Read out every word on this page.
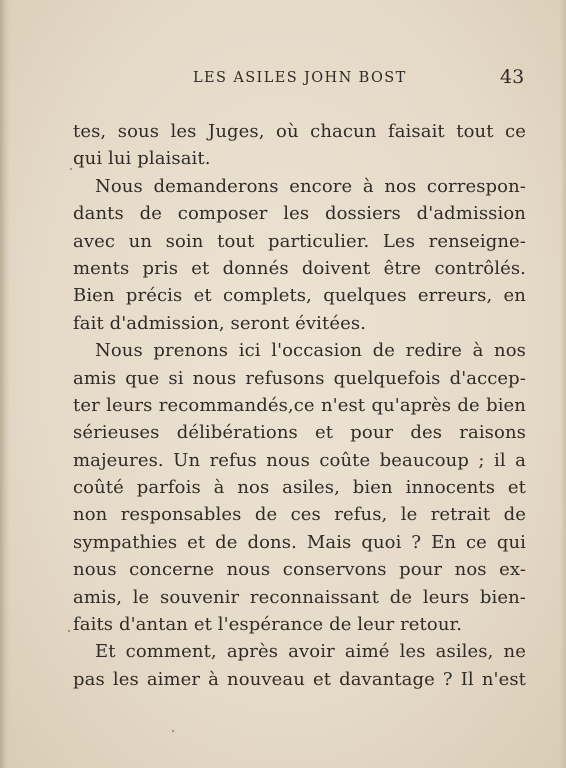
LES ASILES JOHN BOST	43
tes, sous les Juges, où chacun faisait tout ce
qui lui plaisait.
Nous demanderons encore à nos correspon-
dants de composer les dossiers d'admission
avec un soin tout particulier. Les renseigne-
ments pris et donnés doivent être contrôlés.
Bien précis et complets, quelques erreurs, en
fait d'admission, seront évitées.
Nous prenons ici l'occasion de redire à nos
amis que si nous refusons quelquefois d'accep-
ter leurs recommandés,ce n'est qu'après de bien
sérieuses délibérations et pour des raisons
majeures. Un refus nous coûte beaucoup ; il a
coûté parfois à nos asiles, bien innocents et
non responsables de ces refus, le retrait de
sympathies et de dons. Mais quoi ? En ce qui
nous concerne nous conservons pour nos ex-
amis, le souvenir reconnaissant de leurs bien-
faits d'antan et l'espérance de leur retour.
Et comment, après avoir aimé les asiles, ne
pas les aimer à nouveau et davantage ? Il n'est
